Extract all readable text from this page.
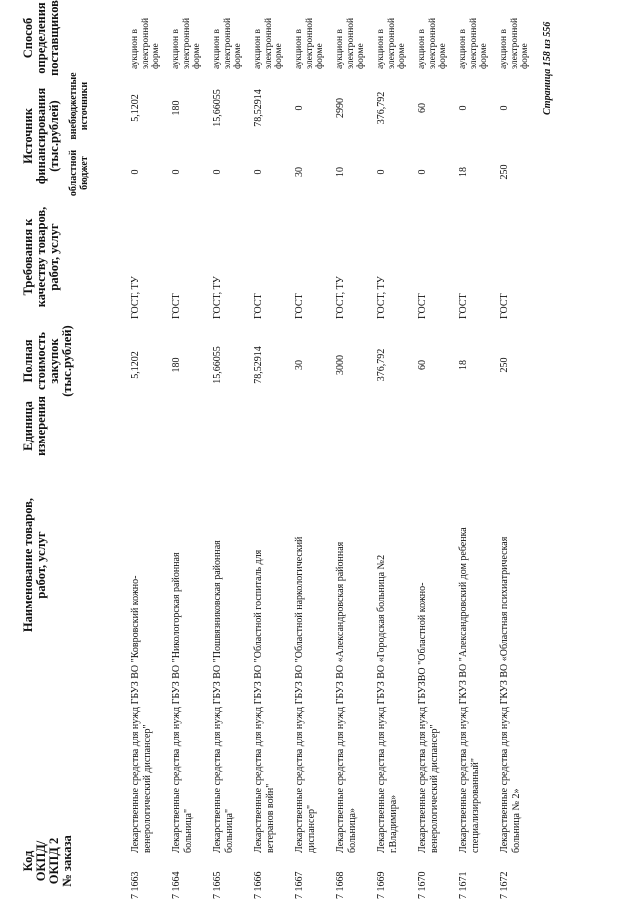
Код ОКПД/ ОКПД 2 № заказа
Наименование товаров, работ, услуг
Единица измерения
Полная стоимость закупок (тыс.рублей)
Требования к качеству товаров, работ, услуг
Источник финансирования (тыс.рублей)
областной бюджет
внебюджетные источники
Способ определения поставщиков
7 1663
Лекарственные средства для нужд ГБУЗ ВО "Ковровский кожно-венерологический диспансер"
5,1202
ГОСТ, ТУ
0
5,1202
аукцион в электронной форме
7 1664
Лекарственные средства для нужд ГБУЗ ВО "Никологорская районная больница"
180
ГОСТ
0
180
аукцион в электронной форме
7 1665
Лекарственные средства для нужд ГБУЗ ВО "Пошвязниковская районная больница"
15,66055
ГОСТ, ТУ
0
15,66055
аукцион в электронной форме
7 1666
Лекарственные средства для нужд ГБУЗ ВО "Областной госпиталь для ветеранов войн"
78,52914
ГОСТ
0
78,52914
аукцион в электронной форме
7 1667
Лекарственные средства для нужд ГБУЗ ВО "Областной наркологический диспансер"
30
ГОСТ
30
0
аукцион в электронной форме
7 1668
Лекарственные средства для нужд ГБУЗ ВО «Александровская районная больница»
3000
ГОСТ, ТУ
10
2990
аукцион в электронной форме
7 1669
Лекарственные средства для нужд ГБУЗ ВО «Городская больница №2 г.Владимира»
376,792
ГОСТ, ТУ
0
376,792
аукцион в электронной форме
7 1670
Лекарственные средства для нужд ГБУЗВО "Областной кожно-венерологический диспансер"
60
ГОСТ
0
60
аукцион в электронной форме
7 1671
Лекарственные средства для нужд ГКУЗ ВО "Александровский дом ребенка специализированный"
18
ГОСТ
18
0
аукцион в электронной форме
7 1672
Лекарственные средства для нужд ГКУЗ ВО «Областная психиатрическая больница № 2»
250
ГОСТ
250
0
аукцион в электронной форме Страница 158 из 556
